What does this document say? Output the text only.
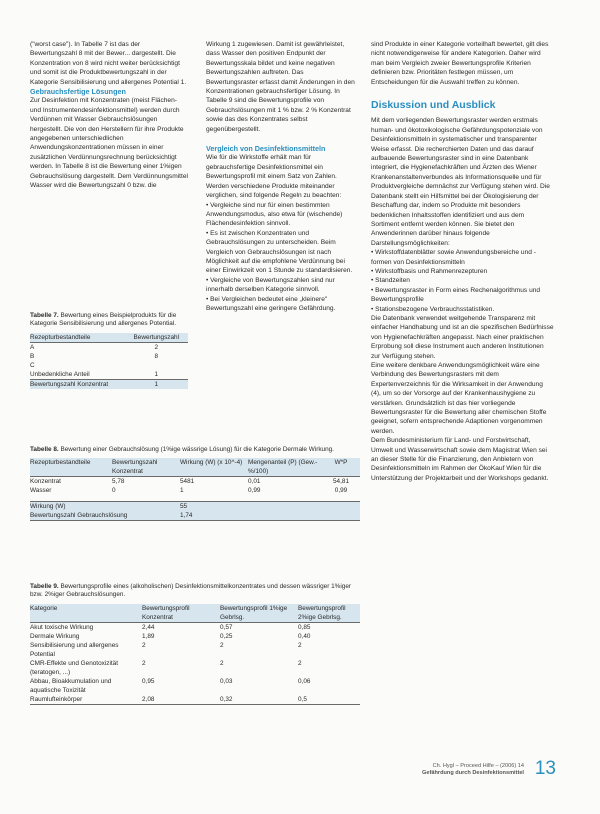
("worst case"). In Tabelle 7 ist das der Bewertungszahl 8 mit der Bewer... dargestellt. Die Konzentration von 8 wird nicht weiter berücksichtigt und somit ist die Produktbewertungszahl in der Kategorie Sensibilisierung und allergenes Potential 1.

Gebrauchsfertige Lösungen

Zur Desinfektion mit Konzentraten (meist Flächen- und Instrumentendesinfektionsmittel) werden durch Verdünnen mit Wasser Gebrauchslösungen hergestellt. Die von den Herstellern für ihre Produkte angegebenen unterschiedlichen Anwendungskonzentrationen müssen in einer zusätzlichen Verdünnungsrechnung berücksichtigt werden. In Tabelle 8 ist die Bewertung einer 1%igen Gebrauchslösung dargestellt. Dem Verdünnungsmittel Wasser wird die Bewertungszahl 0 bzw. die

Wirkung 1 zugewiesen. Damit ist gewährleistet, dass Wasser den positiven Endpunkt der Bewertungsskala bildet und keine negativen Bewertungszahlen auftreten. Das Bewertungsraster erfasst damit Änderungen in den Konzentrationen gebrauchsfertiger Lösung. In Tabelle 9 sind die Bewertungsprofile von Gebrauchslösungen mit 1 % bzw. 2 % Konzentrat sowie das des Konzentrates selbst gegenübergestellt.

Vergleich von Desinfektionsmitteln

Wie für die Wirkstoffe erhält man für gebrauchsfertige Desinfektionsmittel ein Bewertungsprofil mit einem Satz von Zahlen. Werden verschiedene Produkte miteinander verglichen, sind folgende Regeln zu beachten:

• Vergleiche sind nur für einen bestimmten Anwendungsmodus, also etwa für (wischende) Flächendesinfektion sinnvoll.
• Es ist zwischen Konzentraten und Gebrauchslösungen zu unterscheiden. Beim Vergleich von Gebrauchslösungen ist nach Möglichkeit auf die empfohlene Verdünnung bei einer Einwirkzeit von 1 Stunde zu standardisieren.
• Vergleiche von Bewertungszahlen sind nur innerhalb derselben Kategorie sinnvoll.
• Bei Vergleichen bedeutet eine „kleinere" Bewertungszahl eine geringere Gefährdung.

sind Produkte in einer Kategorie vorteilhaft bewertet, gilt dies nicht notwendigerweise für andere Kategorien. Daher wird man beim Vergleich zweier Bewertungsprofile Kriterien definieren bzw. Prioritäten festlegen müssen, um Entscheidungen für die Auswahl treffen zu können.

Diskussion und Ausblick

Mit dem vorliegenden Bewertungsraster werden erstmals human- und ökotoxikologische Gefährdungspotenziale von Desinfektionsmitteln in systematischer und transparenter Weise erfasst. Die recherchierten Daten und das darauf aufbauende Bewertungsraster sind in eine Datenbank integriert, die Hygienefachkräften und Ärzten des Wiener Krankenanstaltenverbundes als Informationsquelle und für Produktvergleiche demnächst zur Verfügung stehen wird. Die Datenbank stellt ein Hilfsmittel bei der Ökologisierung der Beschaffung dar, indem so Produkte mit besonders bedenklichen Inhaltsstoffen identifiziert und aus dem Sortiment entfernt werden können. Sie bietet den Anwenderinnen darüber hinaus folgende Darstellungsmöglichkeiten:

• Wirkstoffdatenblätter sowie Anwendungsbereiche und -formen von Desinfektionsmitteln
• Wirkstoffbasis und Rahmenrezepturen
• Standzeiten
• Bewertungsraster in Form eines Rechenalgorithmus und Bewertungsprofile
• Stationsbezogene Verbrauchsstatistiken.

Die Datenbank verwendet weitgehende Transparenz mit einfacher Handhabung und ist an die spezifischen Bedürfnisse von Hygienefachkräften angepasst. Nach einer praktischen Erprobung soll diese Instrument auch anderen Institutionen zur Verfügung stehen.

Eine weitere denkbare Anwendungsmöglichkeit wäre eine Verbindung des Bewertungsrasters mit dem Expertenverzeichnis für die Wirksamkeit in der Anwendung (4), um so der Vorsorge auf der Krankenhaushygiene zu verstärken. Grundsätzlich ist das hier vorliegende Bewertungsraster für die Bewertung aller chemischen Stoffe geeignet, sofern entsprechende Adaptionen vorgenommen werden.

Dem Bundesministerium für Land- und Forstwirtschaft, Umwelt und Wasserwirtschaft sowie dem Magistrat Wien sei an dieser Stelle für die Finanzierung, den Anbietern von Desinfektionsmitteln im Rahmen der ÖkoKauf Wien für die Unterstützung der Projektarbeit und der Workshops gedankt.

Tabelle 7. Bewertung eines Beispielprodukts für die Kategorie Sensibilisierung und allergenes Potential.
Rezepturbestandteile	Bewertungszahl
A	2
B	8
C	
Unbedenkliche Anteil	1
Bewertungszahl Konzentrat	1
Tabelle 8. Bewertung einer Gebrauchslösung (1%ige wässrige Lösung) für die Kategorie Dermale Wirkung.
Rezepturbestandteile	Bewertungszahl Konzentrat	Wirkung (W) (x 10^-4)	Mengenanteil (P) (Gew.-%/100)	W*P
Konzentrat	5,78	5481	0,01	54,81
Wasser	0	1	0,99	0,99

Wirkung (W)		55		
Bewertungszahl Gebrauchslösung		1,74		
Tabelle 9. Bewertungsprofile eines (alkoholischen) Desinfektionsmittelkonzentrates und dessen wässriger 1%iger bzw. 2%iger Gebrauchslösungen.
Kategorie	Bewertungsprofil Konzentrat	Bewertungsprofil 1%ige Gebrlsg.	Bewertungsprofil 2%ige Gebrlsg.
Akut toxische Wirkung	2,44	0,57	0,85
Dermale Wirkung	1,89	0,25	0,40
Sensibilisierung und allergenes Potential	2	2	2
CMR-Effekte und Genotoxizität (teratogen, ...)	2	2	2
Abbau, Bioakkumulation und aquatische Toxizität	0,95	0,03	0,06
Raumlufteinkörper	2,08	0,32	0,5
Ch. Hygl – Proceed Hilfe – (2006) 14
Gefährdung durch Desinfektionsmittel 13
